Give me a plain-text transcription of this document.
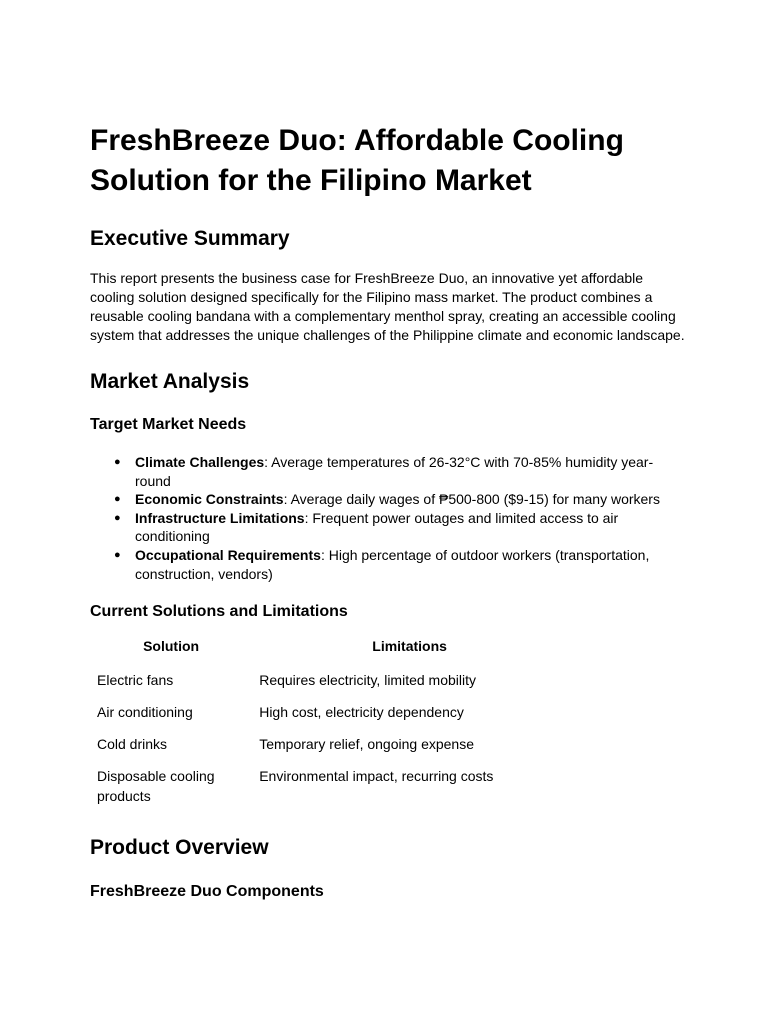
FreshBreeze Duo: Affordable Cooling Solution for the Filipino Market
Executive Summary

This report presents the business case for FreshBreeze Duo, an innovative yet affordable cooling solution designed specifically for the Filipino mass market. The product combines a reusable cooling bandana with a complementary menthol spray, creating an accessible cooling system that addresses the unique challenges of the Philippine climate and economic landscape.

Market Analysis
Target Market Needs
● Climate Challenges: Average temperatures of 26-32°C with 70-85% humidity year-round
● Economic Constraints: Average daily wages of ₱500-800 ($9-15) for many workers
● Infrastructure Limitations: Frequent power outages and limited access to air conditioning
● Occupational Requirements: High percentage of outdoor workers (transportation, construction, vendors)
Current Solutions and Limitations
Solution	Limitations
Electric fans	Requires electricity, limited mobility
Air conditioning	High cost, electricity dependency
Cold drinks	Temporary relief, ongoing expense
Disposable cooling products	Environmental impact, recurring costs
Product Overview
FreshBreeze Duo Components
